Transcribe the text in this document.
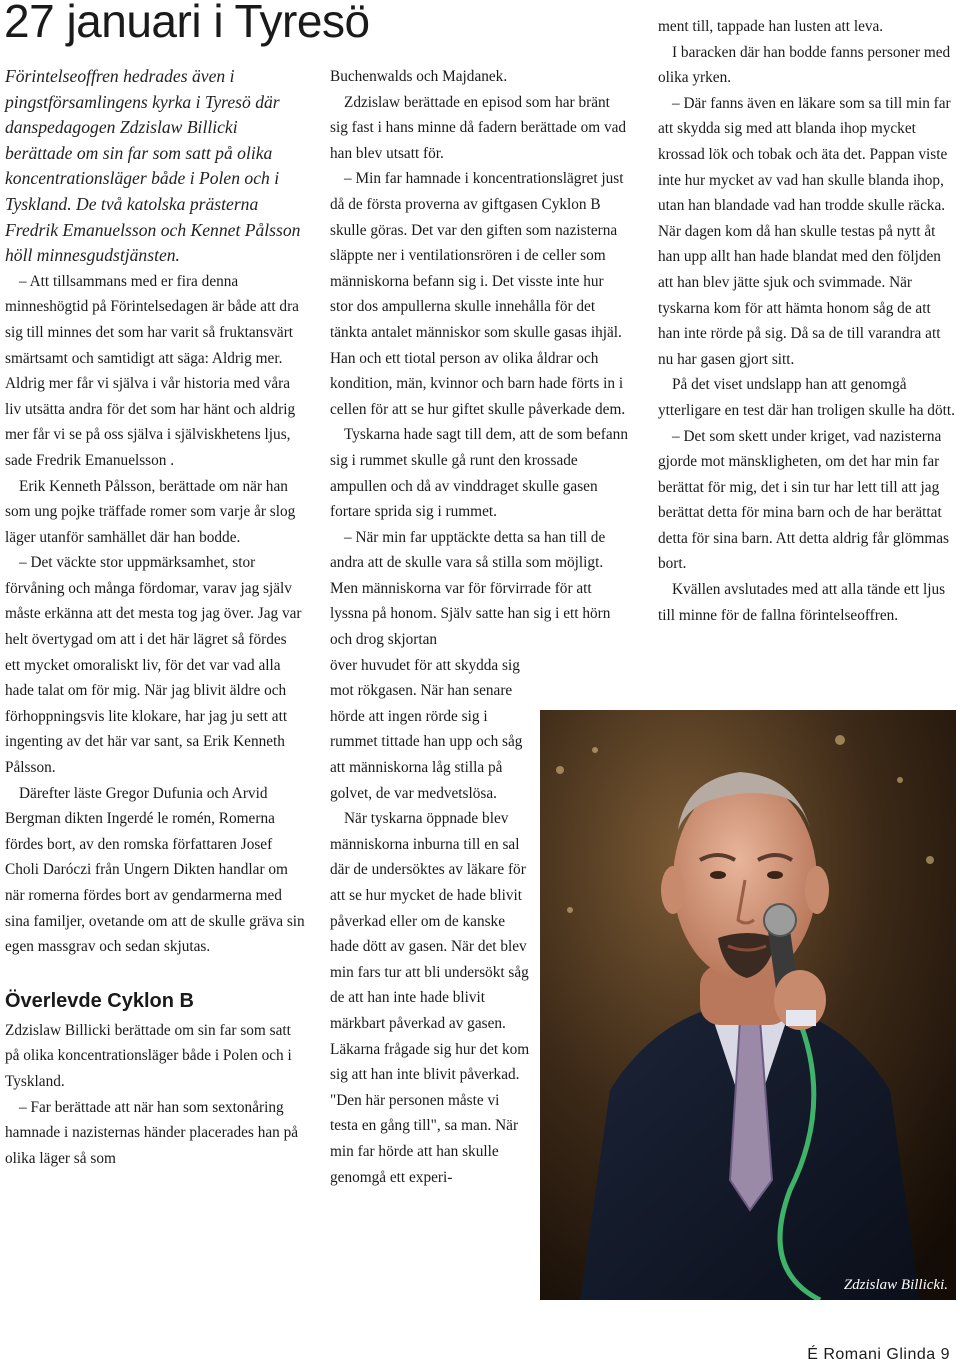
27 januari i Tyresö

Förintelseoffren hedrades även i pingstförsamlingens kyrka i Tyresö där danspedagogen Zdzislaw Billicki berättade om sin far som satt på olika koncentrationsläger både i Polen och i Tyskland. De två katolska prästerna Fredrik Emanuelsson och Kennet Pålsson höll minnesgudstjänsten.

– Att tillsammans med er fira denna minneshögtid på Förintelsedagen är både att dra sig till minnes det som har varit så fruktansvärt smärtsamt och samtidigt att säga: Aldrig mer. Aldrig mer får vi själva i vår historia med våra liv utsätta andra för det som har hänt och aldrig mer får vi se på oss själva i själviskhetens ljus, sade Fredrik Emanuelsson .

Erik Kenneth Pålsson, berättade om när han som ung pojke träffade romer som varje år slog läger utanför samhället där han bodde.

– Det väckte stor uppmärksamhet, stor förvåning och många fördomar, varav jag själv måste erkänna att det mesta tog jag över. Jag var helt övertygad om att i det här lägret så fördes ett mycket omoraliskt liv, för det var vad alla hade talat om för mig. När jag blivit äldre och förhoppningsvis lite klokare, har jag ju sett att ingenting av det här var sant, sa Erik Kenneth Pålsson.

Därefter läste Gregor Dufunia och Arvid Bergman dikten Ingerdé le romén, Romerna fördes bort, av den romska författaren Josef Choli Daróczi från Ungern Dikten handlar om när romerna fördes bort av gendarmerna med sina familjer, ovetande om att de skulle gräva sin egen massgrav och sedan skjutas.

Överlevde Cyklon B

Zdzislaw Billicki berättade om sin far som satt på olika koncentrationsläger både i Polen och i Tyskland.

– Far berättade att när han som sextonåring hamnade i nazisternas händer placerades han på olika läger så som

Buchenwalds och Majdanek.

Zdzislaw berättade en episod som har bränt sig fast i hans minne då fadern berättade om vad han blev utsatt för.

– Min far hamnade i koncentrationslägret just då de första proverna av giftgasen Cyklon B skulle göras. Det var den giften som nazisterna släppte ner i ventilationsrören i de celler som människorna befann sig i. Det visste inte hur stor dos ampullerna skulle innehålla för det tänkta antalet människor som skulle gasas ihjäl. Han och ett tiotal person av olika åldrar och kondition, män, kvinnor och barn hade förts in i cellen för att se hur giftet skulle påverkade dem.

Tyskarna hade sagt till dem, att de som befann sig i rummet skulle gå runt den krossade ampullen och då av vinddraget skulle gasen fortare sprida sig i rummet.

– När min far upptäckte detta sa han till de andra att de skulle vara så stilla som möjligt. Men människorna var för förvirrade för att lyssna på honom. Själv satte han sig i ett hörn och drog skjortan

över huvudet för att skydda sig mot rökgasen. När han senare hörde att ingen rörde sig i rummet tittade han upp och såg att människorna låg stilla på golvet, de var medvetslösa.

När tyskarna öppnade blev människorna inburna till en sal där de undersöktes av läkare för att se hur mycket de hade blivit påverkad eller om de kanske hade dött av gasen. När det blev min fars tur att bli undersökt såg de att han inte hade blivit märkbart påverkad av gasen. Läkarna frågade sig hur det kom sig att han inte blivit påverkad. "Den här personen måste vi testa en gång till", sa man. När min far hörde att han skulle genomgå ett experi-

ment till, tappade han lusten att leva.

I baracken där han bodde fanns personer med olika yrken.

– Där fanns även en läkare som sa till min far att skydda sig med att blanda ihop mycket krossad lök och tobak och äta det. Pappan viste inte hur mycket av vad han skulle blanda ihop, utan han blandade vad han trodde skulle räcka. När dagen kom då han skulle testas på nytt åt han upp allt han hade blandat med den följden att han blev jätte sjuk och svimmade. När tyskarna kom för att hämta honom såg de att han inte rörde på sig. Då sa de till varandra att nu har gasen gjort sitt.

På det viset undslapp han att genomgå ytterligare en test där han troligen skulle ha dött.

– Det som skett under kriget, vad nazisterna gjorde mot mänskligheten, om det har min far berättat för mig, det i sin tur har lett till att jag berättat detta för mina barn och de har berättat detta för sina barn. Att detta aldrig får glömmas bort.

Kvällen avslutades med att alla tände ett ljus till minne för de fallna förintelseoffren.

Zdzislaw Billicki.
É Romani Glinda 9
